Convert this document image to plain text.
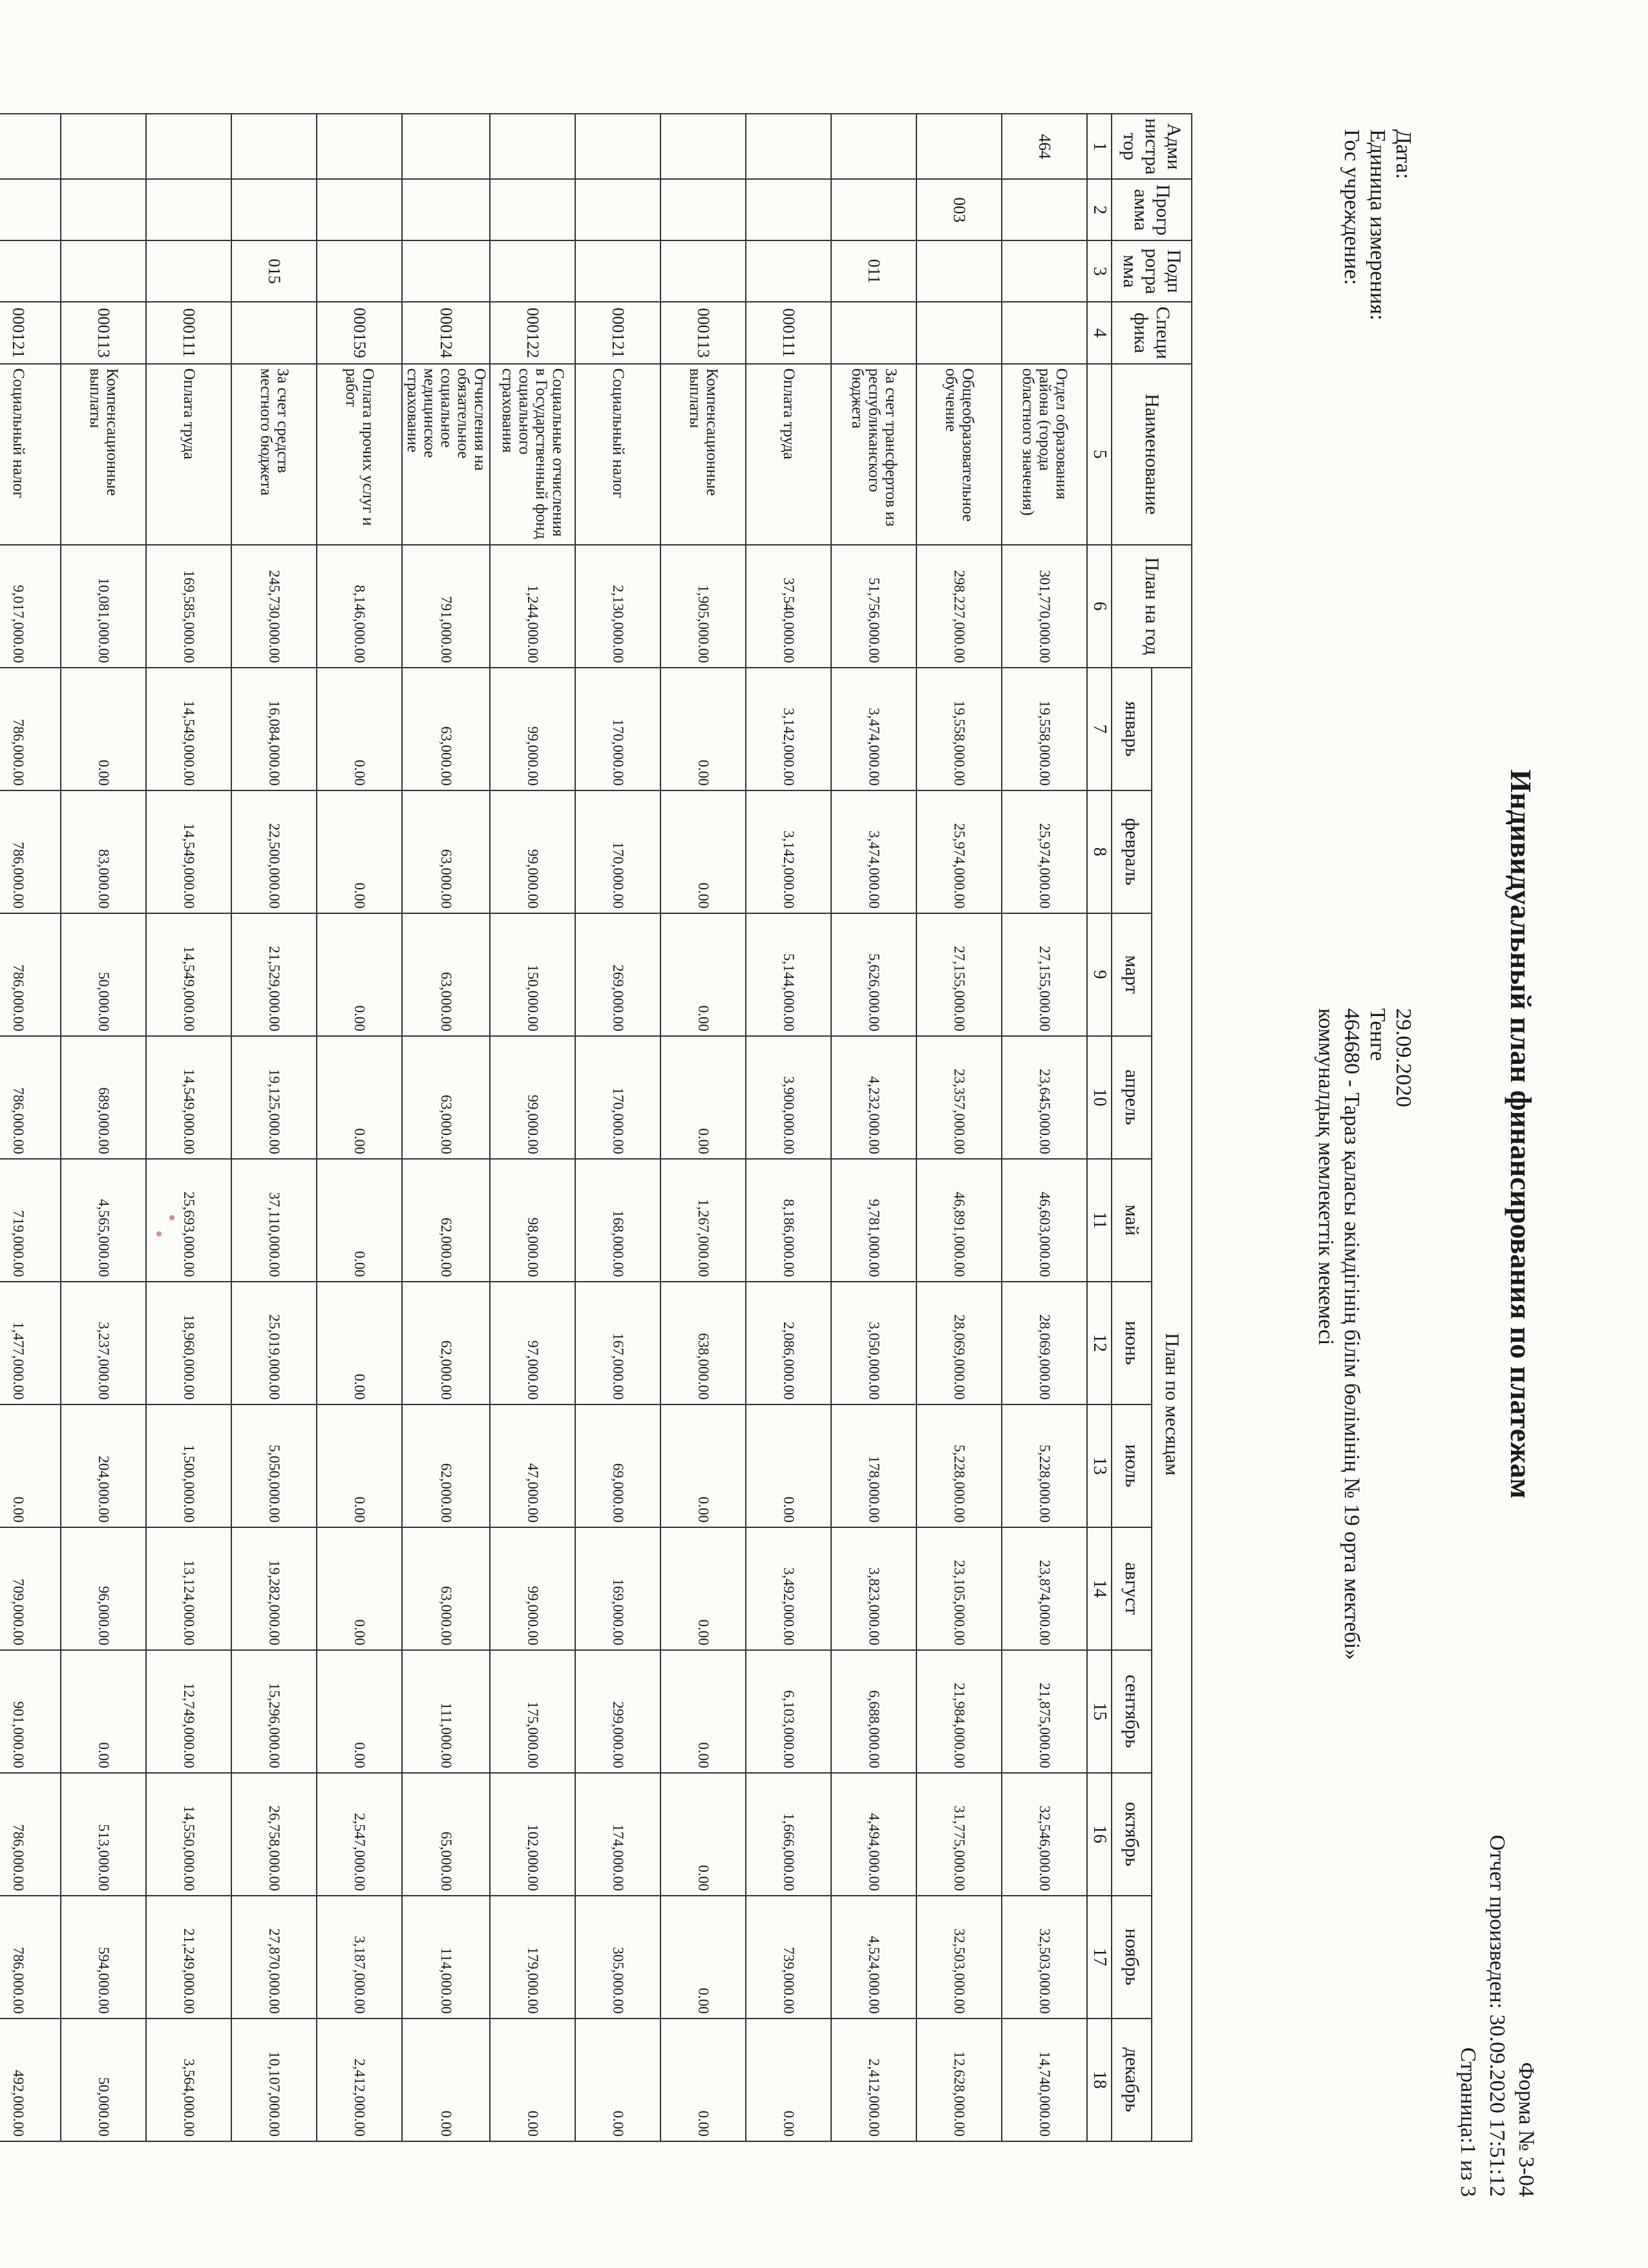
Форма № 3-04
Отчет произведен: 30.09.2020 17:51:12
Страница:1 из 3
Индивидуальный план финансирования по платежам
Дата:
29.09.2020
Единица измерения:
Тенге
Гос учреждение:
464680 - Тараз қаласы әкімдігінің білім бөлімінің № 19 орта мектебі»
коммуналдық мемлекеттік мекемесі
Адми нистра тор	Прогр амма	Подп рогра мма	Специ фика	Наименование	План на год	План по месяцам											
						январь	февраль	март	апрель	май	июнь	июль	август	сентябрь	октябрь	ноябрь	декабрь
1	2	3	4	5	6	7	8	9	10	11	12	13	14	15	16	17	18
464				Отдел образования района (города областного значения)	301,770,000.00	19,558,000.00	25,974,000.00	27,155,000.00	23,645,000.00	46,603,000.00	28,069,000.00	5,228,000.00	23,874,000.00	21,875,000.00	32,546,000.00	32,503,000.00	14,740,000.00
	003			Общеобразовательное обучение	298,227,000.00	19,558,000.00	25,974,000.00	27,155,000.00	23,357,000.00	46,891,000.00	28,069,000.00	5,228,000.00	23,105,000.00	21,984,000.00	31,775,000.00	32,503,000.00	12,628,000.00
		011		За счет трансфертов из республиканского бюджета	51,756,000.00	3,474,000.00	3,474,000.00	5,626,000.00	4,232,000.00	9,781,000.00	3,050,000.00	178,000.00	3,823,000.00	6,688,000.00	4,494,000.00	4,524,000.00	2,412,000.00
			000111	Оплата труда	37,540,000.00	3,142,000.00	3,142,000.00	5,144,000.00	3,900,000.00	8,186,000.00	2,086,000.00	0.00	3,492,000.00	6,103,000.00	1,666,000.00	739,000.00	0.00
			000113	Компенсационные выплаты	1,905,000.00	0.00	0.00	0.00	0.00	1,267,000.00	638,000.00	0.00	0.00	0.00	0.00	0.00	0.00
			000121	Социальный налог	2,130,000.00	170,000.00	170,000.00	269,000.00	170,000.00	168,000.00	167,000.00	69,000.00	169,000.00	299,000.00	174,000.00	305,000.00	0.00
			000122	Социальные отчисления в Государственный фонд социального страхования	1,244,000.00	99,000.00	99,000.00	150,000.00	99,000.00	98,000.00	97,000.00	47,000.00	99,000.00	175,000.00	102,000.00	179,000.00	0.00
			000124	Отчисления на обязательное социальное медицинское страхование	791,000.00	63,000.00	63,000.00	63,000.00	63,000.00	62,000.00	62,000.00	62,000.00	63,000.00	111,000.00	65,000.00	114,000.00	0.00
			000159	Оплата прочих услуг и работ	8,146,000.00	0.00	0.00	0.00	0.00	0.00	0.00	0.00	0.00	0.00	2,547,000.00	3,187,000.00	2,412,000.00
		015		За счет средств местного бюджета	245,730,000.00	16,084,000.00	22,500,000.00	21,529,000.00	19,125,000.00	37,110,000.00	25,019,000.00	5,050,000.00	19,282,000.00	15,296,000.00	26,758,000.00	27,870,000.00	10,107,000.00
			000111	Оплата труда	169,585,000.00	14,549,000.00	14,549,000.00	14,549,000.00	14,549,000.00	25,693,000.00	18,960,000.00	1,500,000.00	13,124,000.00	12,749,000.00	14,550,000.00	21,249,000.00	3,564,000.00
			000113	Компенсационные выплаты	10,081,000.00	0.00	83,000.00	50,000.00	689,000.00	4,565,000.00	3,237,000.00	204,000.00	96,000.00	0.00	513,000.00	594,000.00	50,000.00
			000121	Социальный налог	9,017,000.00	786,000.00	786,000.00	786,000.00	786,000.00	719,000.00	1,477,000.00	0.00	709,000.00	901,000.00	786,000.00	786,000.00	492,000.00
